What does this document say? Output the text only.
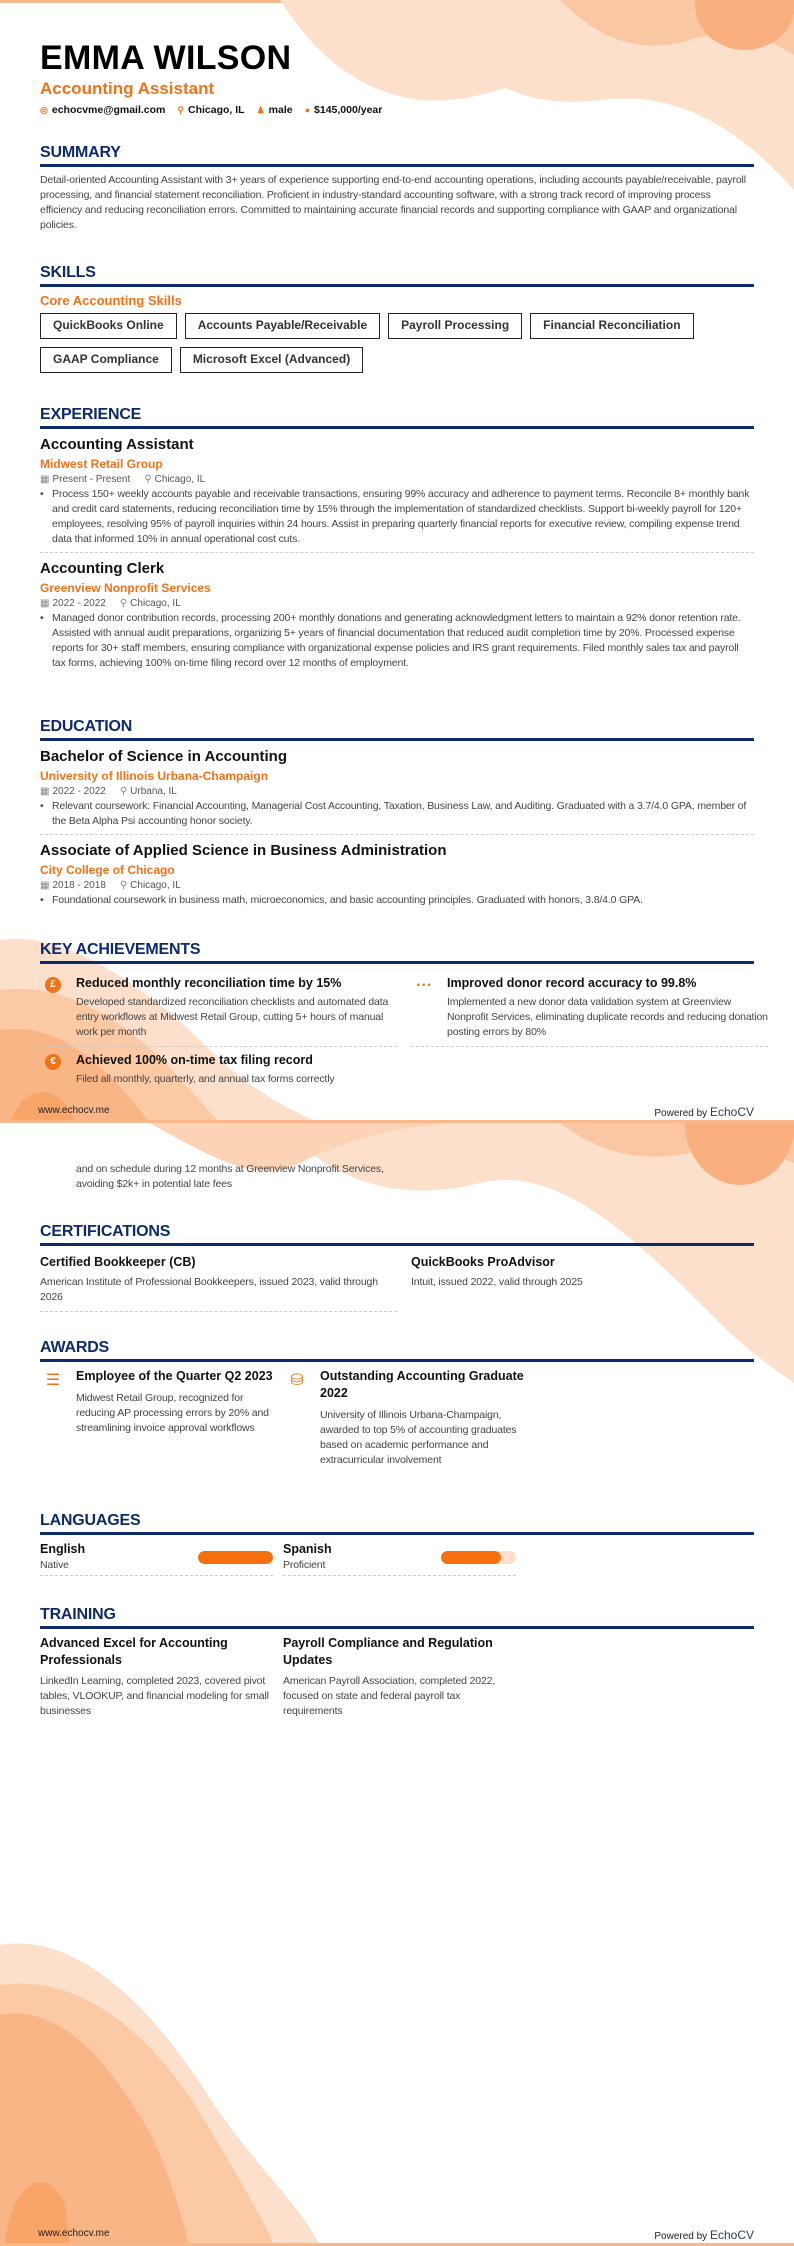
EMMA WILSON
Accounting Assistant
◎ echocvme@gmail.com ⚲ Chicago, IL ♟ male ● $145,000/year
SUMMARY
Detail-oriented Accounting Assistant with 3+ years of experience supporting end-to-end accounting operations, including accounts payable/receivable, payroll processing, and financial statement reconciliation. Proficient in industry-standard accounting software, with a strong track record of improving process efficiency and reducing reconciliation errors. Committed to maintaining accurate financial records and supporting compliance with GAAP and organizational policies.
SKILLS
Core Accounting Skills
QuickBooks Online	Accounts Payable/Receivable	Payroll Processing	Financial Reconciliation
GAAP Compliance	Microsoft Excel (Advanced)
EXPERIENCE
Accounting Assistant
Midwest Retail Group
▦ Present - Present ⚲ Chicago, IL
• Process 150+ weekly accounts payable and receivable transactions, ensuring 99% accuracy and adherence to payment terms. Reconcile 8+ monthly bank and credit card statements, reducing reconciliation time by 15% through the implementation of standardized checklists. Support bi-weekly payroll for 120+ employees, resolving 95% of payroll inquiries within 24 hours. Assist in preparing quarterly financial reports for executive review, compiling expense trend data that informed 10% in annual operational cost cuts.
Accounting Clerk
Greenview Nonprofit Services
▦ 2022 - 2022 ⚲ Chicago, IL
• Managed donor contribution records, processing 200+ monthly donations and generating acknowledgment letters to maintain a 92% donor retention rate. Assisted with annual audit preparations, organizing 5+ years of financial documentation that reduced audit completion time by 20%. Processed expense reports for 30+ staff members, ensuring compliance with organizational expense policies and IRS grant requirements. Filed monthly sales tax and payroll tax forms, achieving 100% on-time filing record over 12 months of employment.
EDUCATION
Bachelor of Science in Accounting
University of Illinois Urbana-Champaign
▦ 2022 - 2022 ⚲ Urbana, IL
• Relevant coursework: Financial Accounting, Managerial Cost Accounting, Taxation, Business Law, and Auditing. Graduated with a 3.7/4.0 GPA, member of the Beta Alpha Psi accounting honor society.
Associate of Applied Science in Business Administration
City College of Chicago
▦ 2018 - 2018 ⚲ Chicago, IL
• Foundational coursework in business math, microeconomics, and basic accounting principles. Graduated with honors, 3.8/4.0 GPA.
KEY ACHIEVEMENTS
£	Reduced monthly reconciliation time by 15%
Developed standardized reconciliation checklists and automated data entry workflows at Midwest Retail Group, cutting 5+ hours of manual work per month
···	Improved donor record accuracy to 99.8%
Implemented a new donor data validation system at Greenview Nonprofit Services, eliminating duplicate records and reducing donation posting errors by 80%
€	Achieved 100% on-time tax filing record
Filed all monthly, quarterly, and annual tax forms correctly
www.echocv.me	Powered by EchoCV
and on schedule during 12 months at Greenview Nonprofit Services, avoiding $2k+ in potential late fees
CERTIFICATIONS
Certified Bookkeeper (CB)
American Institute of Professional Bookkeepers, issued 2023, valid through 2026
QuickBooks ProAdvisor
Intuit, issued 2022, valid through 2025
AWARDS
☰	Employee of the Quarter Q2 2023
Midwest Retail Group, recognized for reducing AP processing errors by 20% and streamlining invoice approval workflows
⛁	Outstanding Accounting Graduate 2022
University of Illinois Urbana-Champaign, awarded to top 5% of accounting graduates based on academic performance and extracurricular involvement
LANGUAGES
English
Native
Spanish
Proficient
TRAINING
Advanced Excel for Accounting Professionals
LinkedIn Learning, completed 2023, covered pivot tables, VLOOKUP, and financial modeling for small businesses
Payroll Compliance and Regulation Updates
American Payroll Association, completed 2022, focused on state and federal payroll tax requirements
www.echocv.me	Powered by EchoCV
